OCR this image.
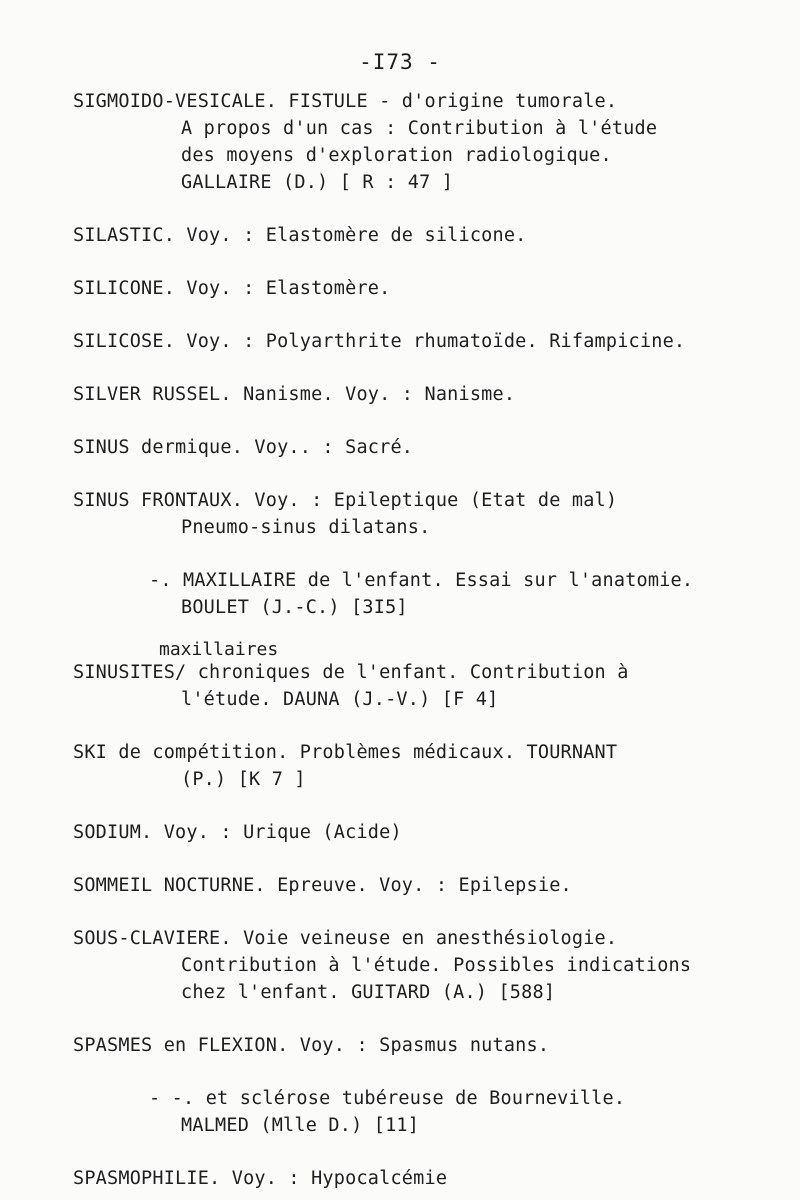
-I73 -
SIGMOIDO-VESICALE. FISTULE - d'origine tumorale.
A propos d'un cas : Contribution à l'étude
des moyens d'exploration radiologique.
GALLAIRE (D.) [ R : 47 ]
SILASTIC. Voy. : Elastomère de silicone.
SILICONE. Voy. : Elastomère.
SILICOSE. Voy. : Polyarthrite rhumatoïde. Rifampicine.
SILVER RUSSEL. Nanisme. Voy. : Nanisme.
SINUS dermique. Voy.. : Sacré.
SINUS FRONTAUX. Voy. : Epileptique (Etat de mal)
Pneumo-sinus dilatans.
-. MAXILLAIRE de l'enfant. Essai sur l'anatomie.
BOULET (J.-C.) [3I5]
maxillaires
SINUSITES/ chroniques de l'enfant. Contribution à
l'étude. DAUNA (J.-V.) [F 4]
SKI de compétition. Problèmes médicaux. TOURNANT
(P.) [K 7 ]
SODIUM. Voy. : Urique (Acide)
SOMMEIL NOCTURNE. Epreuve. Voy. : Epilepsie.
SOUS-CLAVIERE. Voie veineuse en anesthésiologie.
Contribution à l'étude. Possibles indications
chez l'enfant. GUITARD (A.) [588]
SPASMES en FLEXION. Voy. : Spasmus nutans.
- -. et sclérose tubéreuse de Bourneville.
MALMED (Mlle D.) [11]
SPASMOPHILIE. Voy. : Hypocalcémie
